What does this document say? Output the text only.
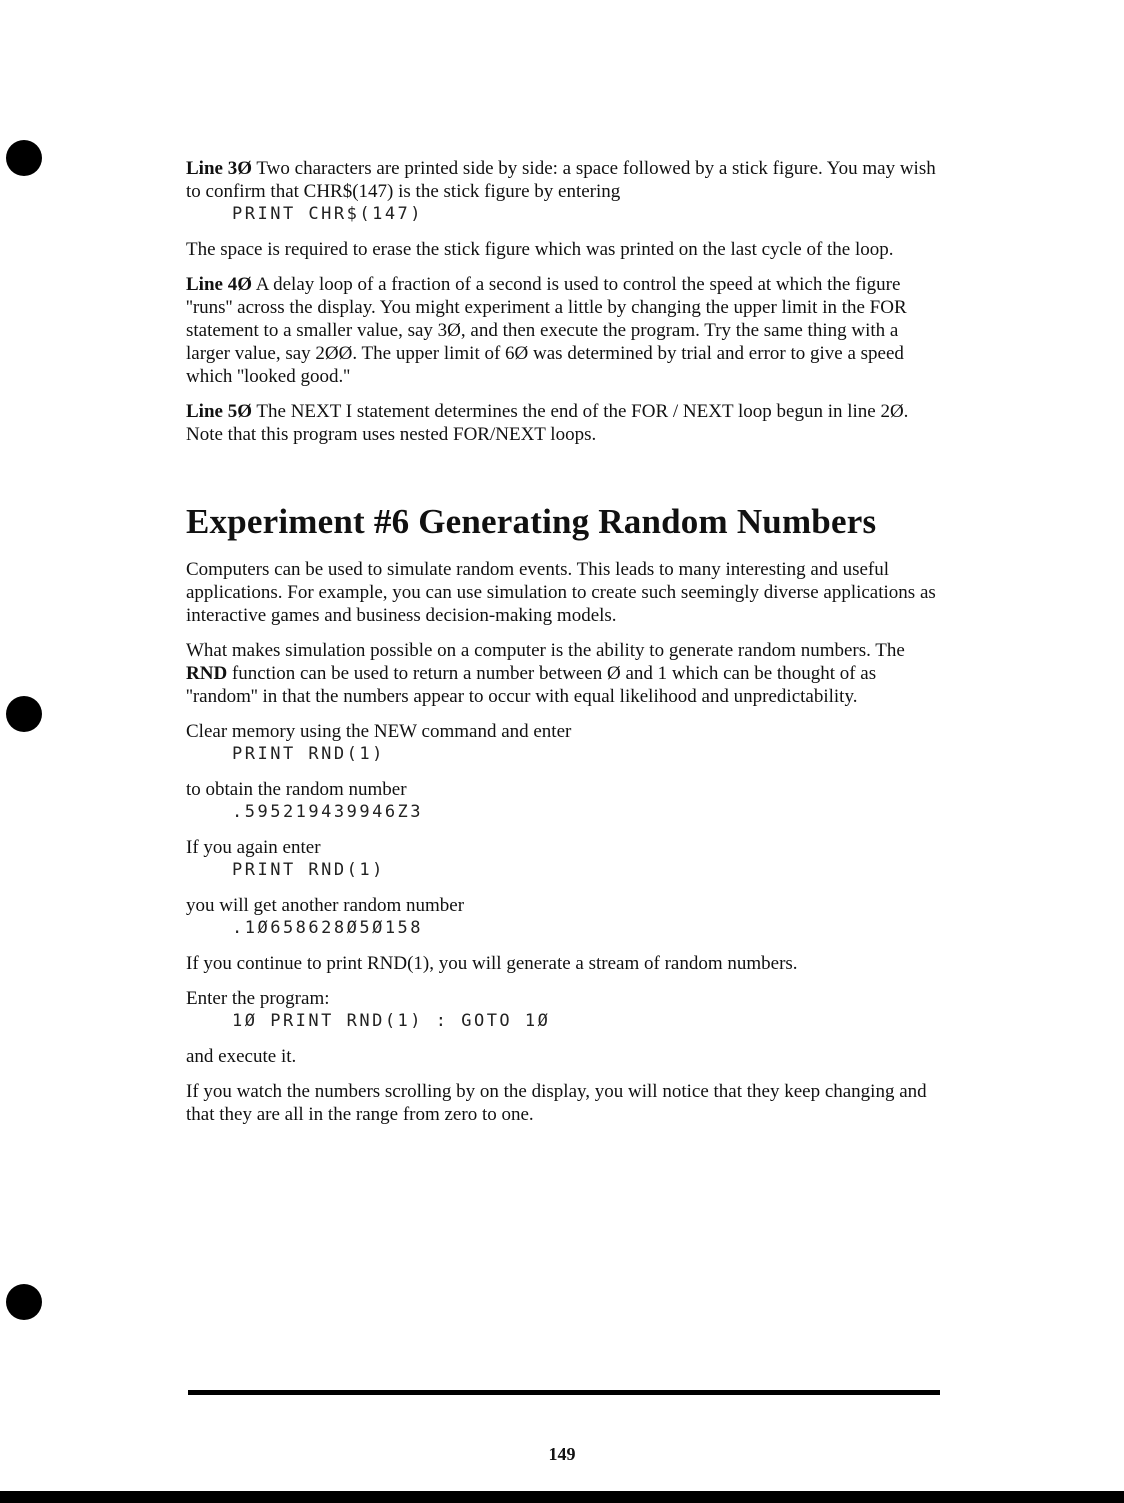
Line 3Ø Two characters are printed side by side: a space followed by a stick figure. You may wish to confirm that CHR$(147) is the stick figure by entering

PRINT CHR$(147)

The space is required to erase the stick figure which was printed on the last cycle of the loop.

Line 4Ø A delay loop of a fraction of a second is used to control the speed at which the figure ''runs'' across the display. You might experiment a little by changing the upper limit in the FOR statement to a smaller value, say 3Ø, and then execute the program. Try the same thing with a larger value, say 2ØØ. The upper limit of 6Ø was determined by trial and error to give a speed which ''looked good.''

Line 5Ø The NEXT I statement determines the end of the FOR / NEXT loop begun in line 2Ø. Note that this program uses nested FOR/NEXT loops.

Experiment #6 Generating Random Numbers

Computers can be used to simulate random events. This leads to many interesting and useful applications. For example, you can use simulation to create such seemingly diverse applications as interactive games and business decision-making models.

What makes simulation possible on a computer is the ability to generate random numbers. The RND function can be used to return a number between Ø and 1 which can be thought of as ''random'' in that the numbers appear to occur with equal likelihood and unpredictability.

Clear memory using the NEW command and enter

PRINT RND(1)

to obtain the random number

.595219439946Z3

If you again enter

PRINT RND(1)

you will get another random number

.1Ø658628Ø5Ø158

If you continue to print RND(1), you will generate a stream of random numbers.

Enter the program:

1Ø PRINT RND(1) : GOTO 1Ø

and execute it.

If you watch the numbers scrolling by on the display, you will notice that they keep changing and that they are all in the range from zero to one.

149
